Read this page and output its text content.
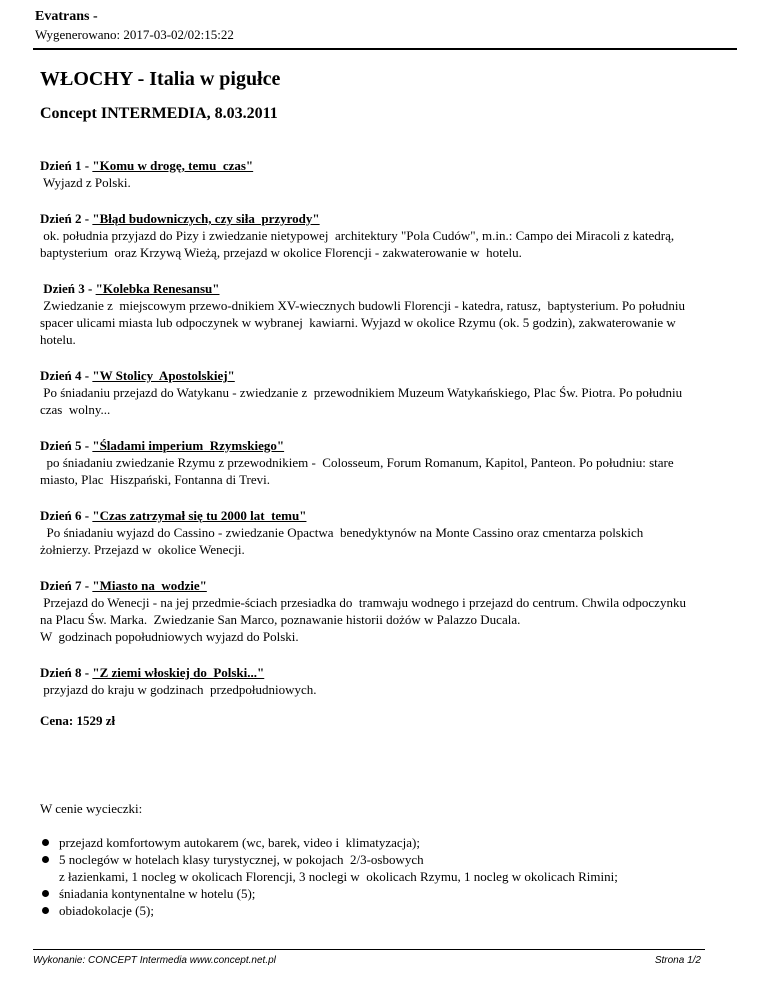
Evatrans -
Wygenerowano: 2017-03-02/02:15:22
WŁOCHY - Italia w pigułce
Concept INTERMEDIA, 8.03.2011
Dzień 1 - "Komu w drogę, temu  czas"
Wyjazd z Polski.
Dzień 2 - "Błąd budowniczych, czy siła  przyrody"
ok. południa przyjazd do Pizy i zwiedzanie nietypowej  architektury "Pola Cudów", m.in.: Campo dei Miracoli z katedrą,
baptysterium  oraz Krzywą Wieżą, przejazd w okolice Florencji - zakwaterowanie w  hotelu.
Dzień 3 - "Kolebka Renesansu"
Zwiedzanie z  miejscowym przewo-dnikiem XV-wiecznych budowli Florencji - katedra, ratusz,  baptysterium. Po południu
spacer ulicami miasta lub odpoczynek w wybranej  kawiarni. Wyjazd w okolice Rzymu (ok. 5 godzin), zakwaterowanie w
hotelu.
Dzień 4 - "W Stolicy  Apostolskiej"
Po śniadaniu przejazd do Watykanu - zwiedzanie z  przewodnikiem Muzeum Watykańskiego, Plac Św. Piotra. Po południu
czas  wolny...
Dzień 5 - "Śladami imperium  Rzymskiego"
po śniadaniu zwiedzanie Rzymu z przewodnikiem -  Colosseum, Forum Romanum, Kapitol, Panteon. Po południu: stare
miasto, Plac  Hiszpański, Fontanna di Trevi.
Dzień 6 - "Czas zatrzymał się tu 2000 lat  temu"
Po śniadaniu wyjazd do Cassino - zwiedzanie Opactwa  benedyktynów na Monte Cassino oraz cmentarza polskich
żołnierzy. Przejazd w  okolice Wenecji.
Dzień 7 - "Miasto na  wodzie"
Przejazd do Wenecji - na jej przedmie-ściach przesiadka do  tramwaju wodnego i przejazd do centrum. Chwila odpoczynku
na Placu Św. Marka.  Zwiedzanie San Marco, poznawanie historii dożów w Palazzo Ducala.
W  godzinach popołudniowych wyjazd do Polski.
Dzień 8 - "Z ziemi włoskiej do  Polski..."
przyjazd do kraju w godzinach  przedpołudniowych.
Cena: 1529 zł
W cenie wycieczki:
przejazd komfortowym autokarem (wc, barek, video i  klimatyzacja);
5 noclegów w hotelach klasy turystycznej, w pokojach  2/3-osbowych
z łazienkami, 1 nocleg w okolicach Florencji, 3 noclegi w  okolicach Rzymu, 1 nocleg w okolicach Rimini;
śniadania kontynentalne w hotelu (5);
obiadokolacje (5);
Wykonanie: CONCEPT Intermedia www.concept.net.pl	Strona 1/2
